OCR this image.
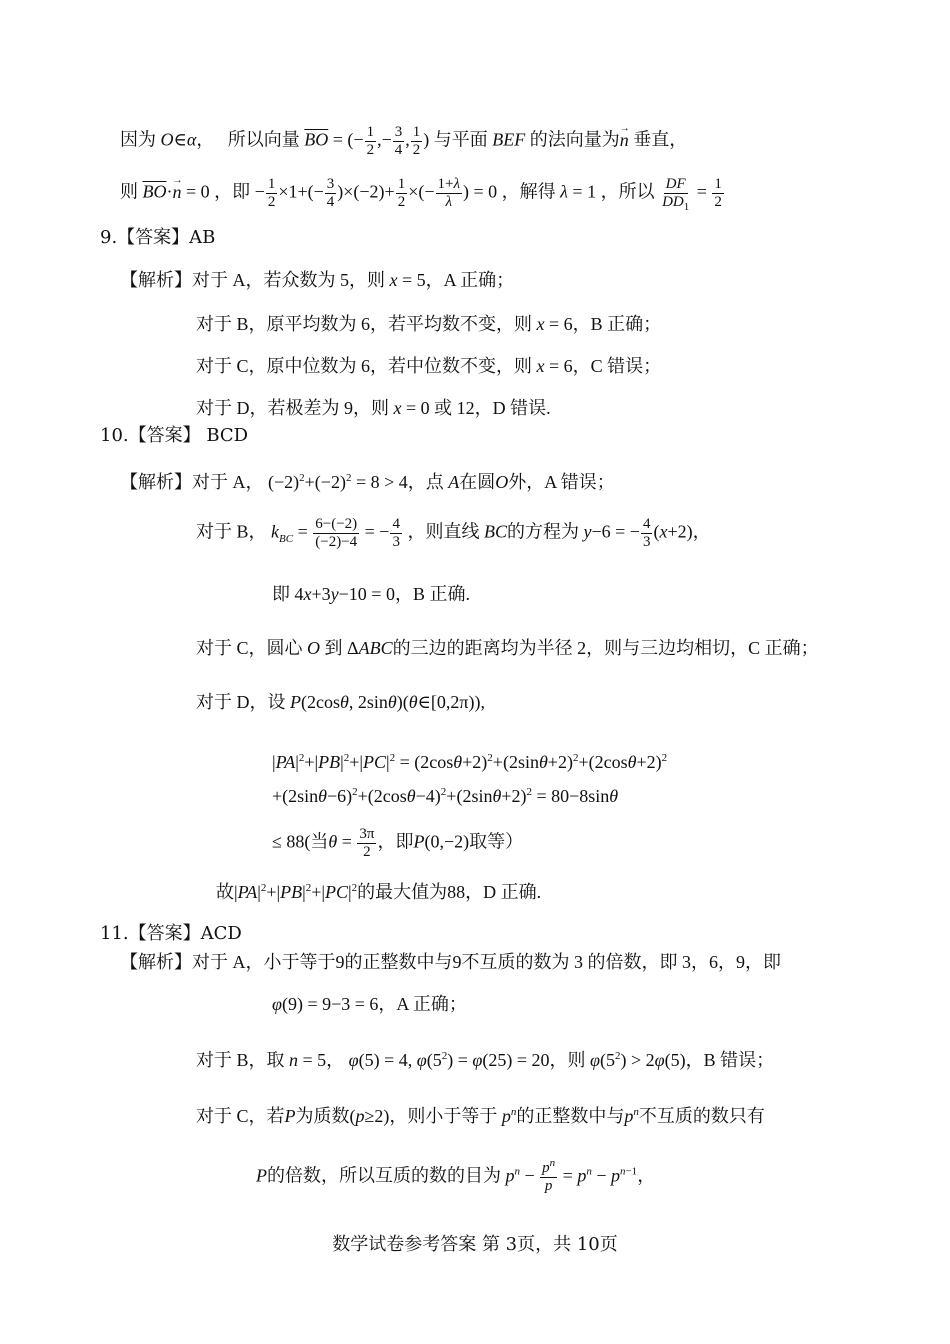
因为 O∈α，   所以向量 $\overline{BO}$ = (− $\frac{1}{2}$ ,− $\frac{3}{4}$ , $\frac{1}{2}$ ) 与平面 BEF 的法向量为→ n 垂直，
则 $\overline{BO}\cdot\to n = 0$ ，即 − $\frac{1}{2} \times 1+(- \frac{3}{4} )\times(-2)+ \frac{1}{2}$ ×(− $\frac{1+\lambda}{\lambda}$ ) = 0 ，解得 λ = 1 ，所以 $\frac{DF}{DD_1} = \frac{1}{2}$
9.【答案】AB
【解析】对于 A，若众数为 5，则 x = 5，A 正确；
对于 B，原平均数为 6，若平均数不变，则 x = 6，B 正确；
对于 C，原中位数为 6，若中位数不变，则 x = 6，C 错误；
对于 D，若极差为 9，则 x = 0 或 12，D 错误.
10.【答案】 BCD
【解析】对于 A， $(-2)^2+(-2)^2 = 8 > 4$，点 A在圆O外，A 错误；
对于 B， $k_{BC} = \frac{6-(-2)}{(-2)-4}$ = − $\frac{4}{3}$ ，则直线 BC的方程为 y−6 = − $\frac{4}{3} (x+2)$，
即 4x+3y−10 = 0，B 正确.
对于 C，圆心 O 到 ΔABC的三边的距离均为半径 2，则与三边均相切，C 正确；
对于 D，设 P(2cosθ, 2sinθ)(θ∈[0,2π)),
$|PA|^2+|PB|^2+|PC|^2 = (2\cos\theta+2)^2+(2\sin\theta+2)^2+(2\cos\theta+2)^2$
$+(2\sin\theta-6)^2+(2\cos\theta-4)^2+(2\sin\theta+2)^2 = 80-8\sin\theta$
≤ 88(当$\theta = \frac{3\pi}{2}$ ，即P(0,−2)取等）
故$|PA|^2+|PB|^2+|PC|^2$的最大值为88，D 正确.
11.【答案】ACD
【解析】对于 A，小于等于9的正整数中与9不互质的数为 3 的倍数，即 3，6，9，即
φ(9) = 9−3 = 6，A 正确；
对于 B，取 n = 5， φ(5) = 4, $\varphi(5^2) = \varphi(25) = 20$，则 $\varphi(5^2) > 2\varphi(5)$，B 错误；
对于 C，若P为质数(p≥2)，则小于等于 $p^n$的正整数中与$p^n$不互质的数只有
P的倍数，所以互质的数的目为 $p^n - \frac{p^n}{p} = p^n - p^{n-1}$，
数学试卷参考答案 第 3页，共 10页
